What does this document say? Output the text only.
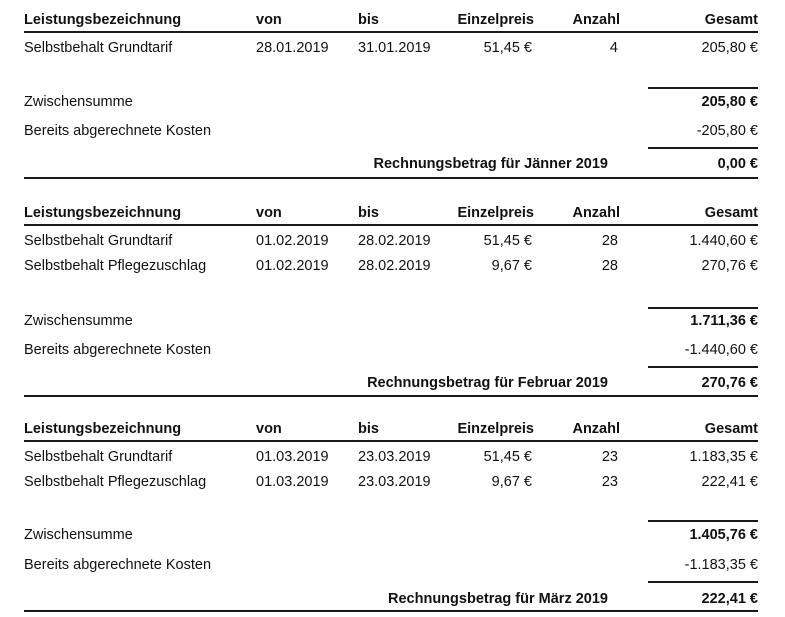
Leistungsbezeichnung	von	bis	Einzelpreis	Anzahl	Gesamt
Selbstbehalt Grundtarif	28.01.2019 31.01.2019	51,45 €	4	205,80 €
Zwischensumme	205,80 €
Bereits abgerechnete Kosten	-205,80 €
Rechnungsbetrag für Jänner 2019	0,00 €
Leistungsbezeichnung	von	bis	Einzelpreis	Anzahl	Gesamt
Selbstbehalt Grundtarif	01.02.2019 28.02.2019	51,45 €	28	1.440,60 €
Selbstbehalt Pflegezuschlag	01.02.2019 28.02.2019	9,67 €	28	270,76 €
Zwischensumme	1.711,36 €
Bereits abgerechnete Kosten	-1.440,60 €
Rechnungsbetrag für Februar 2019	270,76 €
Leistungsbezeichnung	von	bis	Einzelpreis	Anzahl	Gesamt
Selbstbehalt Grundtarif	01.03.2019 23.03.2019	51,45 €	23	1.183,35 €
Selbstbehalt Pflegezuschlag	01.03.2019 23.03.2019	9,67 €	23	222,41 €
Zwischensumme	1.405,76 €
Bereits abgerechnete Kosten	-1.183,35 €
Rechnungsbetrag für März 2019	222,41 €
